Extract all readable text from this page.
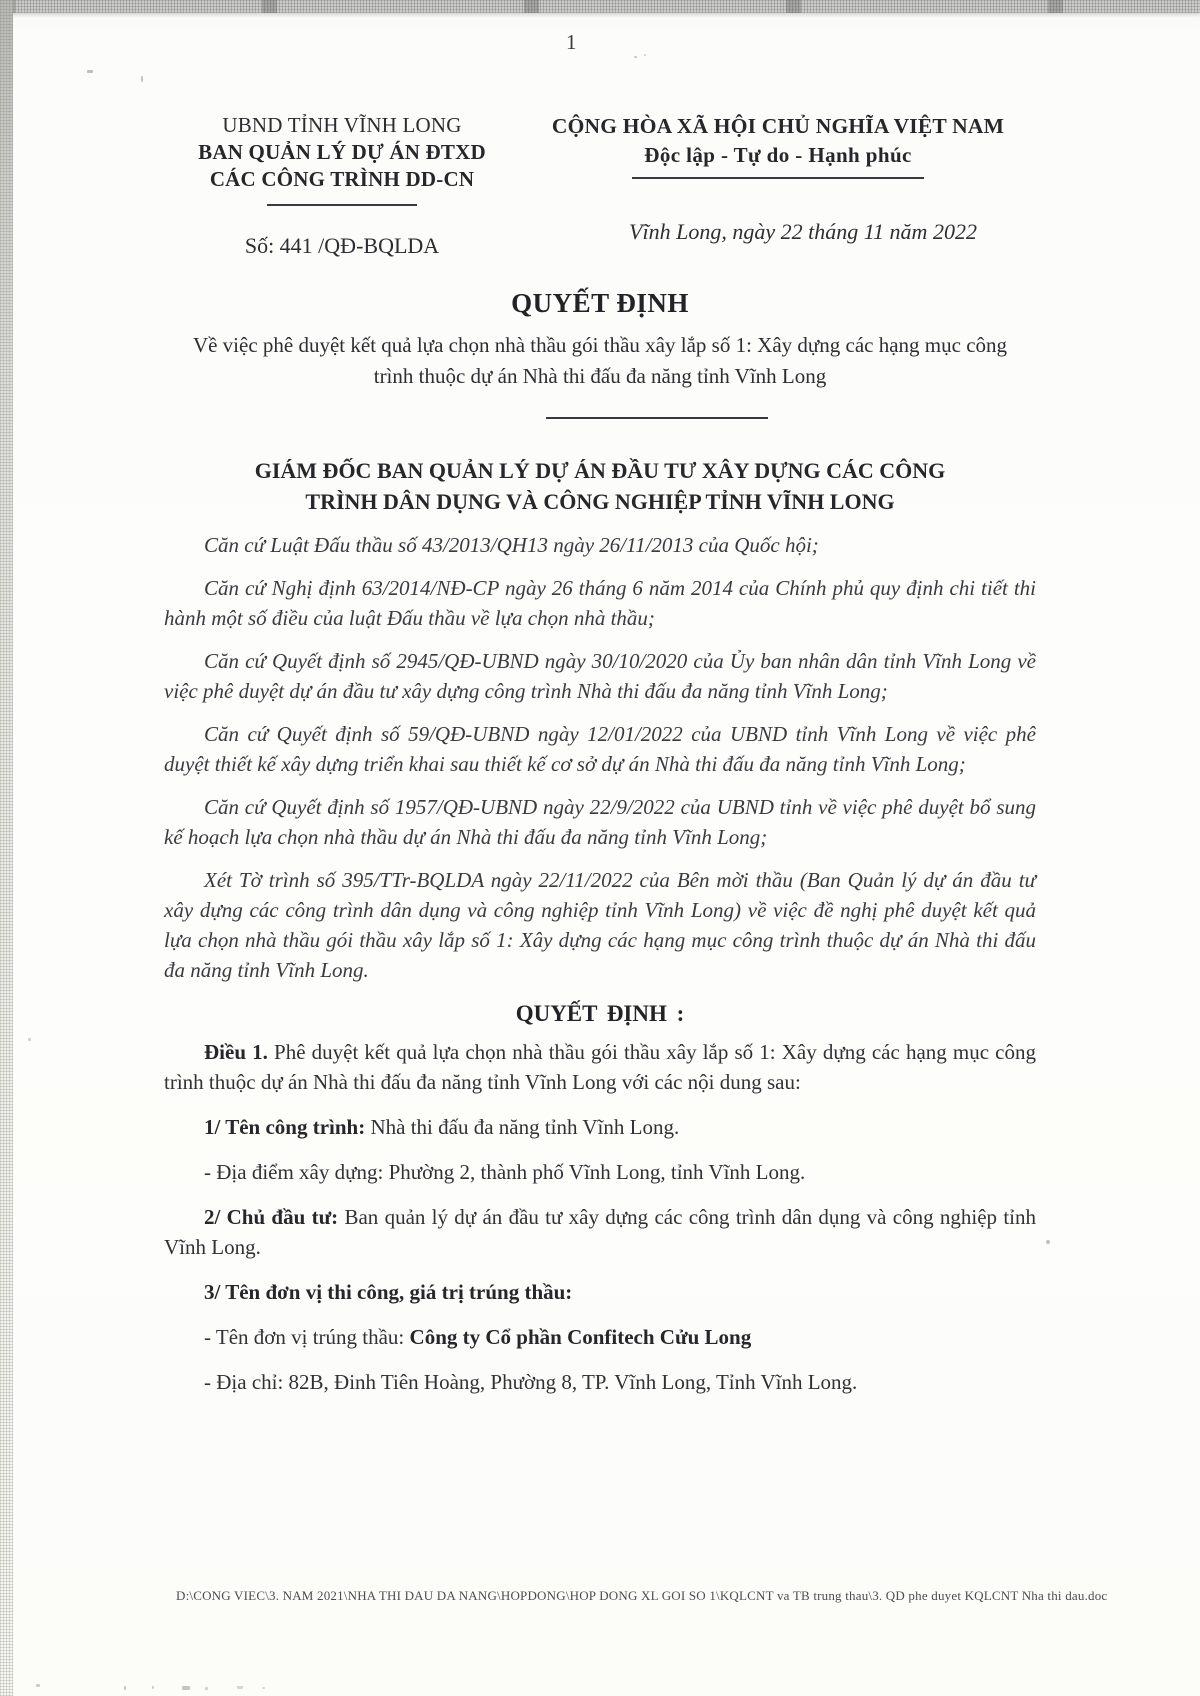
1
UBND TỈNH VĨNH LONG
BAN QUẢN LÝ DỰ ÁN ĐTXD
CÁC CÔNG TRÌNH DD-CN
Số: 441 /QĐ-BQLDA
CỘNG HÒA XÃ HỘI CHỦ NGHĨA VIỆT NAM
Độc lập - Tự do - Hạnh phúc
Vĩnh Long, ngày 22 tháng 11 năm 2022
QUYẾT ĐỊNH
Về việc phê duyệt kết quả lựa chọn nhà thầu gói thầu xây lắp số 1: Xây dựng các hạng mục công trình thuộc dự án Nhà thi đấu đa năng tỉnh Vĩnh Long
GIÁM ĐỐC BAN QUẢN LÝ DỰ ÁN ĐẦU TƯ XÂY DỰNG CÁC CÔNG
TRÌNH DÂN DỤNG VÀ CÔNG NGHIỆP TỈNH VĨNH LONG

Căn cứ Luật Đấu thầu số 43/2013/QH13 ngày 26/11/2013 của Quốc hội;

Căn cứ Nghị định 63/2014/NĐ-CP ngày 26 tháng 6 năm 2014 của Chính phủ quy định chi tiết thi hành một số điều của luật Đấu thầu về lựa chọn nhà thầu;

Căn cứ Quyết định số 2945/QĐ-UBND ngày 30/10/2020 của Ủy ban nhân dân tỉnh Vĩnh Long về việc phê duyệt dự án đầu tư xây dựng công trình Nhà thi đấu đa năng tỉnh Vĩnh Long;

Căn cứ Quyết định số 59/QĐ-UBND ngày 12/01/2022 của UBND tỉnh Vĩnh Long về việc phê duyệt thiết kế xây dựng triển khai sau thiết kế cơ sở dự án Nhà thi đấu đa năng tỉnh Vĩnh Long;

Căn cứ Quyết định số 1957/QĐ-UBND ngày 22/9/2022 của UBND tỉnh về việc phê duyệt bổ sung kế hoạch lựa chọn nhà thầu dự án Nhà thi đấu đa năng tỉnh Vĩnh Long;

Xét Tờ trình số 395/TTr-BQLDA ngày 22/11/2022 của Bên mời thầu (Ban Quản lý dự án đầu tư xây dựng các công trình dân dụng và công nghiệp tỉnh Vĩnh Long) về việc đề nghị phê duyệt kết quả lựa chọn nhà thầu gói thầu xây lắp số 1: Xây dựng các hạng mục công trình thuộc dự án Nhà thi đấu đa năng tỉnh Vĩnh Long.

QUYẾT ĐỊNH :

Điều 1. Phê duyệt kết quả lựa chọn nhà thầu gói thầu xây lắp số 1: Xây dựng các hạng mục công trình thuộc dự án Nhà thi đấu đa năng tỉnh Vĩnh Long với các nội dung sau:

1/ Tên công trình: Nhà thi đấu đa năng tỉnh Vĩnh Long.

- Địa điểm xây dựng: Phường 2, thành phố Vĩnh Long, tỉnh Vĩnh Long.

2/ Chủ đầu tư: Ban quản lý dự án đầu tư xây dựng các công trình dân dụng và công nghiệp tỉnh Vĩnh Long.

3/ Tên đơn vị thi công, giá trị trúng thầu:

- Tên đơn vị trúng thầu: Công ty Cổ phần Confitech Cửu Long

- Địa chỉ: 82B, Đinh Tiên Hoàng, Phường 8, TP. Vĩnh Long, Tỉnh Vĩnh Long.

D:\CONG VIEC\3. NAM 2021\NHA THI DAU DA NANG\HOPDONG\HOP DONG XL GOI SO 1\KQLCNT va TB trung thau\3. QD phe duyet KQLCNT Nha thi dau.doc
